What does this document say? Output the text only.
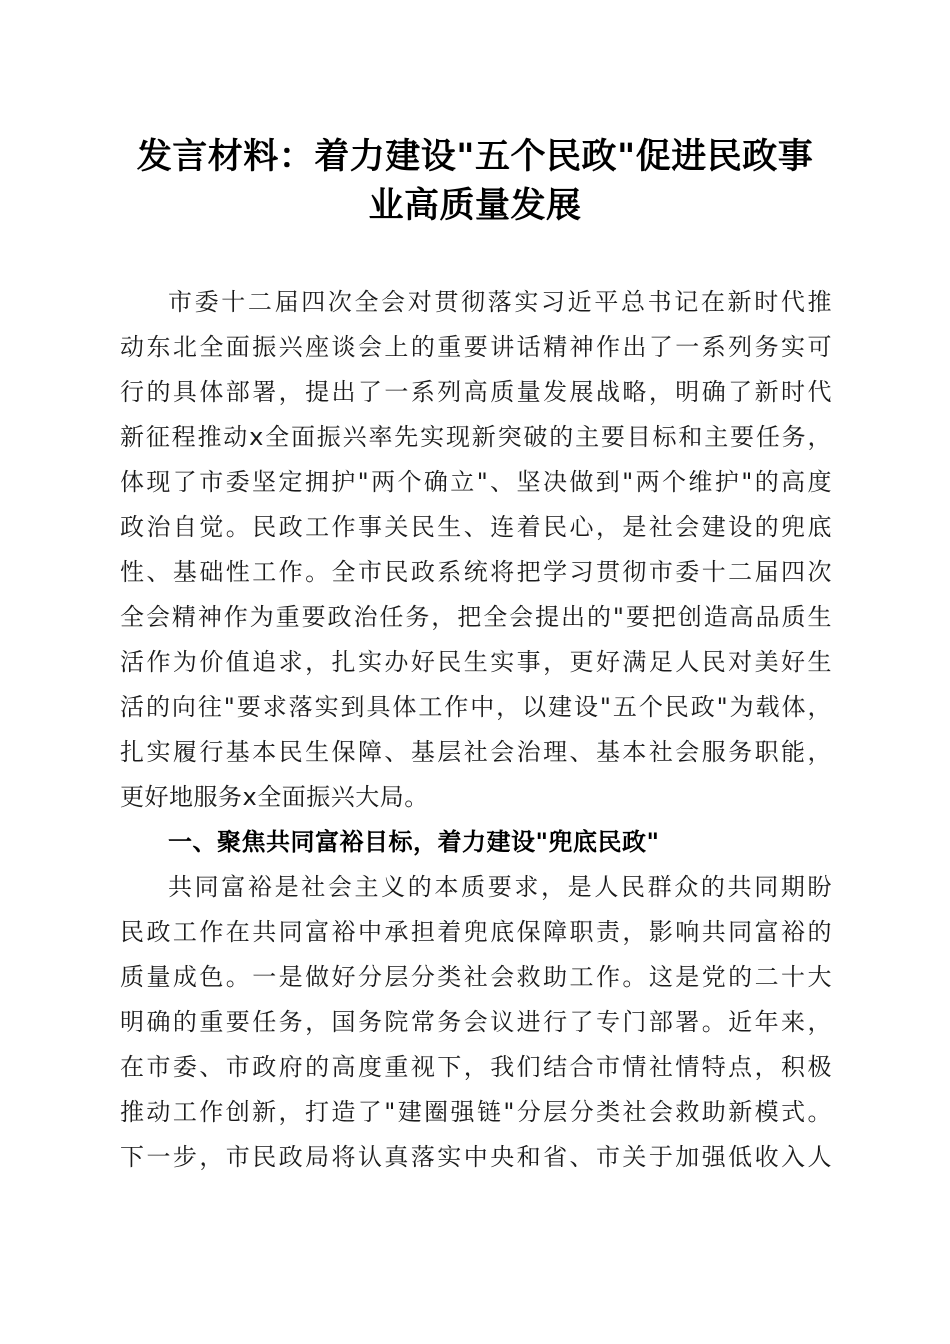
发言材料：着力建设"五个民政"促进民政事
业高质量发展
市委十二届四次全会对贯彻落实习近平总书记在新时代推
动东北全面振兴座谈会上的重要讲话精神作出了一系列务实可
行的具体部署，提出了一系列高质量发展战略，明确了新时代
新征程推动x全面振兴率先实现新突破的主要目标和主要任务，
体现了市委坚定拥护"两个确立"、坚决做到"两个维护"的高度
政治自觉。民政工作事关民生、连着民心，是社会建设的兜底
性、基础性工作。全市民政系统将把学习贯彻市委十二届四次
全会精神作为重要政治任务，把全会提出的"要把创造高品质生
活作为价值追求，扎实办好民生实事，更好满足人民对美好生
活的向往"要求落实到具体工作中，以建设"五个民政"为载体，
扎实履行基本民生保障、基层社会治理、基本社会服务职能，
更好地服务x全面振兴大局。
一、聚焦共同富裕目标，着力建设"兜底民政"
共同富裕是社会主义的本质要求，是人民群众的共同期盼
民政工作在共同富裕中承担着兜底保障职责，影响共同富裕的
质量成色。一是做好分层分类社会救助工作。这是党的二十大
明确的重要任务，国务院常务会议进行了专门部署。近年来，
在市委、市政府的高度重视下，我们结合市情社情特点，积极
推动工作创新，打造了"建圈强链"分层分类社会救助新模式。
下一步，市民政局将认真落实中央和省、市关于加强低收入人
